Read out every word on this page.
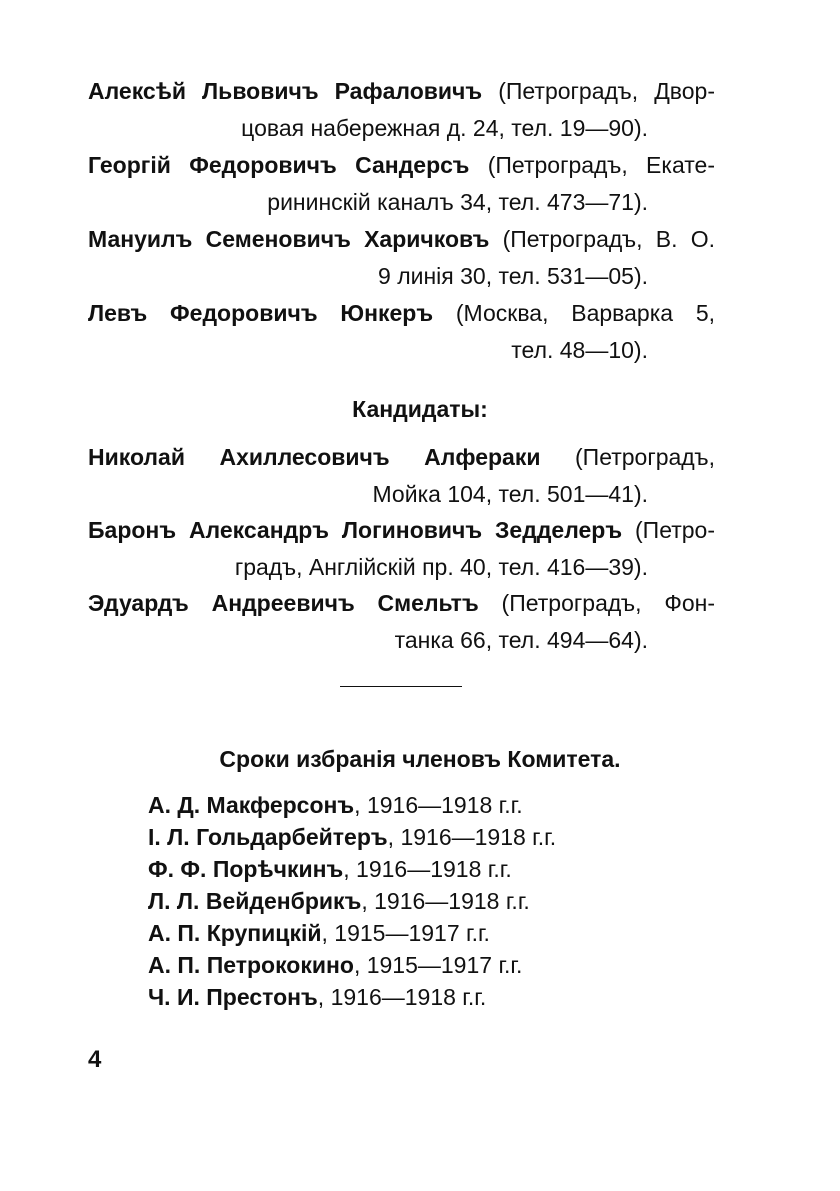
Алексѣй Львовичъ Рафаловичъ (Петроградъ, Двор-
цовая набережная д. 24, тел. 19—90).
Георгій Федоровичъ Сандерсъ (Петроградъ, Екате-
рининскій каналъ 34, тел. 473—71).
Мануилъ Семеновичъ Харичковъ (Петроградъ, В. О.
9 линія 30, тел. 531—05).
Левъ Федоровичъ Юнкеръ (Москва, Варварка 5,
тел. 48—10).
Кандидаты:
Николай Ахиллесовичъ Алфераки (Петроградъ,
Мойка 104, тел. 501—41).
Баронъ Александръ Логиновичъ Зедделеръ (Петро-
градъ, Англійскій пр. 40, тел. 416—39).
Эдуардъ Андреевичъ Смельтъ (Петроградъ, Фон-
танка 66, тел. 494—64).
Сроки избранія членовъ Комитета.
А. Д. Макферсонъ, 1916—1918 г.г.
I. Л. Гольдарбейтеръ, 1916—1918 г.г.
Ф. Ф. Порѣчкинъ, 1916—1918 г.г.
Л. Л. Вейденбрикъ, 1916—1918 г.г.
А. П. Крупицкій, 1915—1917 г.г.
А. П. Петрококино, 1915—1917 г.г.
Ч. И. Престонъ, 1916—1918 г.г.
4
